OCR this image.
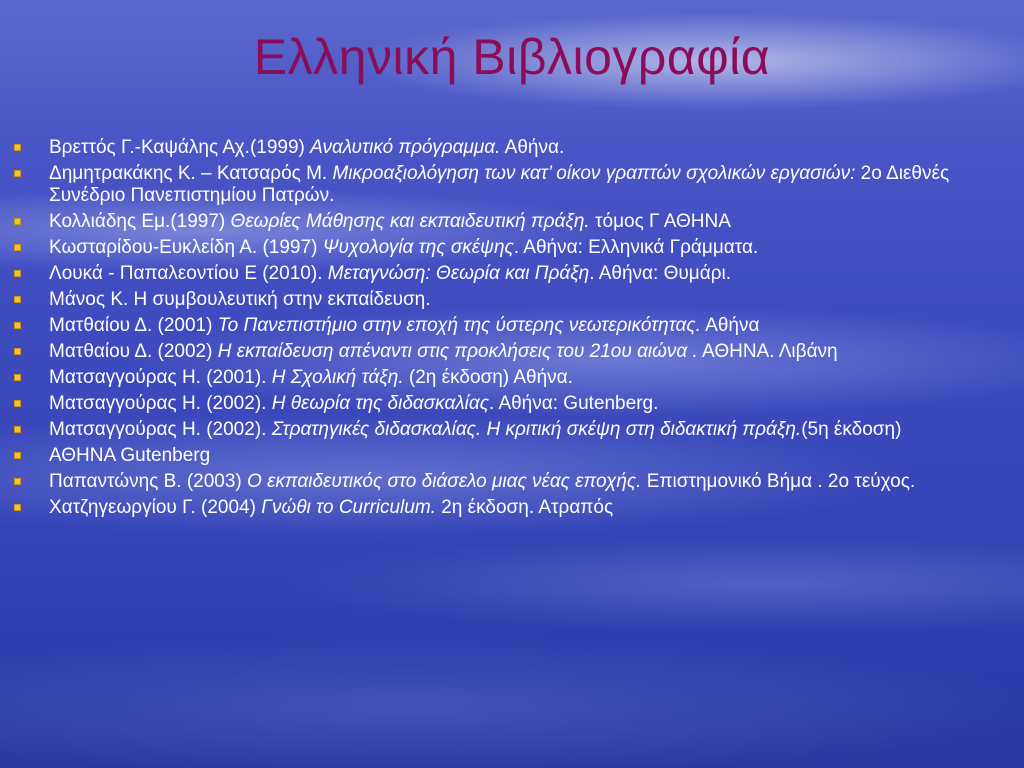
Ελληνική Βιβλιογραφία
Βρεττός Γ.-Καψάλης Αχ.(1999) Αναλυτικό πρόγραμμα. Αθήνα.
Δημητρακάκης Κ. – Κατσαρός Μ. Μικροαξιολόγηση των κατ’ οίκον γραπτών σχολικών εργασιών: 2ο Διεθνές Συνέδριο Πανεπιστημίου Πατρών.
Κολλιάδης Εμ.(1997) Θεωρίες Μάθησης και εκπαιδευτική πράξη. τόμος Γ ΑΘΗΝΑ
Κωσταρίδου-Ευκλείδη Α. (1997) Ψυχολογία της σκέψης. Αθήνα: Ελληνικά Γράμματα.
Λουκά - Παπαλεοντίου Ε (2010). Μεταγνώση: Θεωρία και Πράξη. Αθήνα: Θυμάρι.
Μάνος Κ. Η συμβουλευτική στην εκπαίδευση.
Ματθαίου Δ. (2001) Το Πανεπιστήμιο στην εποχή της ύστερης νεωτερικότητας. Αθήνα
Ματθαίου Δ. (2002) Η εκπαίδευση απέναντι στις προκλήσεις του 21ου αιώνα . ΑΘΗΝΑ. Λιβάνη
Ματσαγγούρας Η. (2001). Η Σχολική τάξη. (2η έκδοση) Αθήνα.
Ματσαγγούρας Η. (2002). Η θεωρία της διδασκαλίας. Αθήνα: Gutenberg.
Ματσαγγούρας Η. (2002). Στρατηγικές διδασκαλίας. Η κριτική σκέψη στη διδακτική πράξη.(5η έκδοση)
ΑΘΗΝΑ Gutenberg
Παπαντώνης Β. (2003) Ο εκπαιδευτικός στο διάσελο μιας νέας εποχής. Επιστημονικό Βήμα . 2ο τεύχος.
Χατζηγεωργίου Γ. (2004) Γνώθι το Curriculum. 2η έκδοση. Ατραπός
